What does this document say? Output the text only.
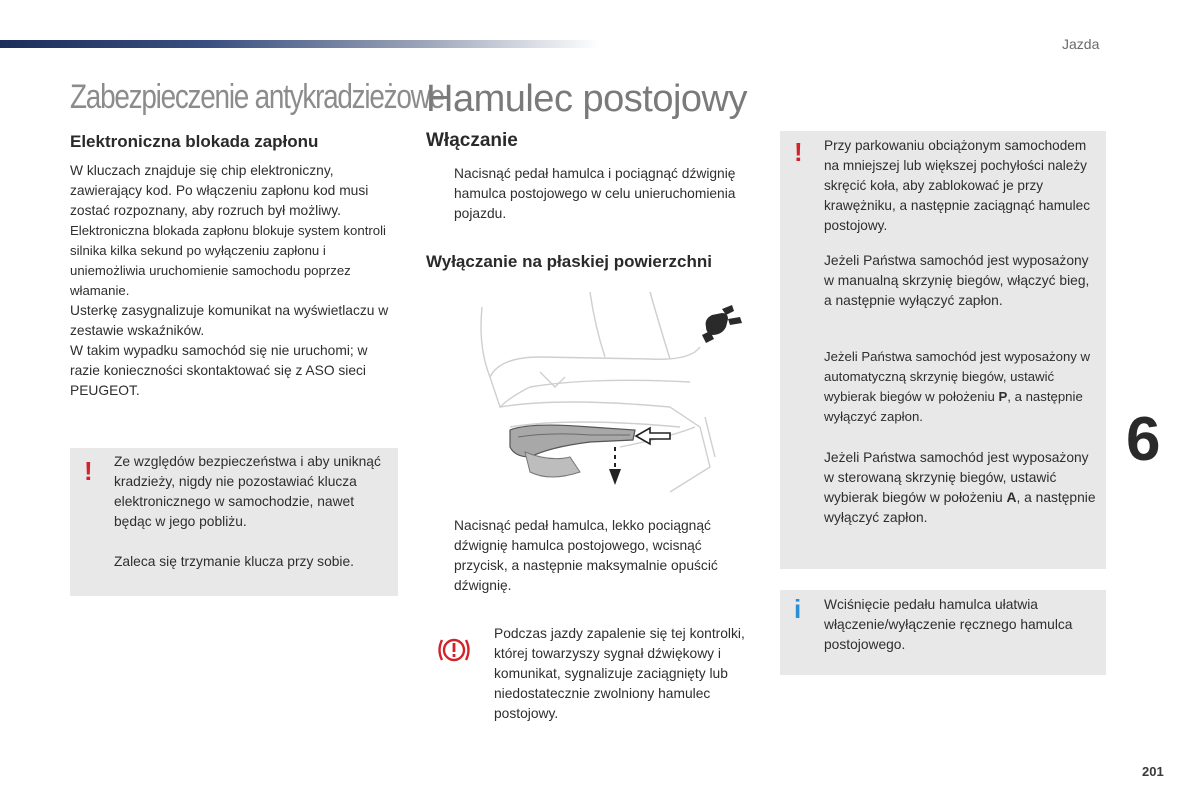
Jazda
Zabezpieczenie antykradzieżowe
Hamulec postojowy
Elektroniczna blokada zapłonu

W kluczach znajduje się chip elektroniczny, zawierający kod. Po włączeniu zapłonu kod musi zostać rozpoznany, aby rozruch był możliwy.

Elektroniczna blokada zapłonu blokuje system kontroli silnika kilka sekund po wyłączeniu zapłonu i uniemożliwia uruchomienie samochodu poprzez włamanie.

Usterkę zasygnalizuje komunikat na wyświetlaczu w zestawie wskaźników.

W takim wypadku samochód się nie uruchomi; w razie konieczności skontaktować się z ASO sieci PEUGEOT.

! Ze względów bezpieczeństwa i aby uniknąć kradzieży, nigdy nie pozostawiać klucza elektronicznego w samochodzie, nawet będąc w jego pobliżu.

Zaleca się trzymanie klucza przy sobie.

Włączanie
Nacisnąć pedał hamulca i pociągnąć dźwignię hamulca postojowego w celu unieruchomienia pojazdu.
Wyłączanie na płaskiej powierzchni
Nacisnąć pedał hamulca, lekko pociągnąć dźwignię hamulca postojowego, wcisnąć przycisk, a następnie maksymalnie opuścić dźwignię.
Podczas jazdy zapalenie się tej kontrolki, której towarzyszy sygnał dźwiękowy i komunikat, sygnalizuje zaciągnięty lub niedostatecznie zwolniony hamulec postojowy.
! Przy parkowaniu obciążonym samochodem na mniejszej lub większej pochyłości należy skręcić koła, aby zablokować je przy krawężniku, a następnie zaciągnąć hamulec postojowy.
Jeżeli Państwa samochód jest wyposażony w manualną skrzynię biegów, włączyć bieg, a następnie wyłączyć zapłon.
Jeżeli Państwa samochód jest wyposażony w automatyczną skrzynię biegów, ustawić wybierak biegów w położeniu P, a następnie wyłączyć zapłon.
Jeżeli Państwa samochód jest wyposażony w sterowaną skrzynię biegów, ustawić wybierak biegów w położeniu A, a następnie wyłączyć zapłon.
i Wciśnięcie pedału hamulca ułatwia włączenie/wyłączenie ręcznego hamulca postojowego.
6
201
